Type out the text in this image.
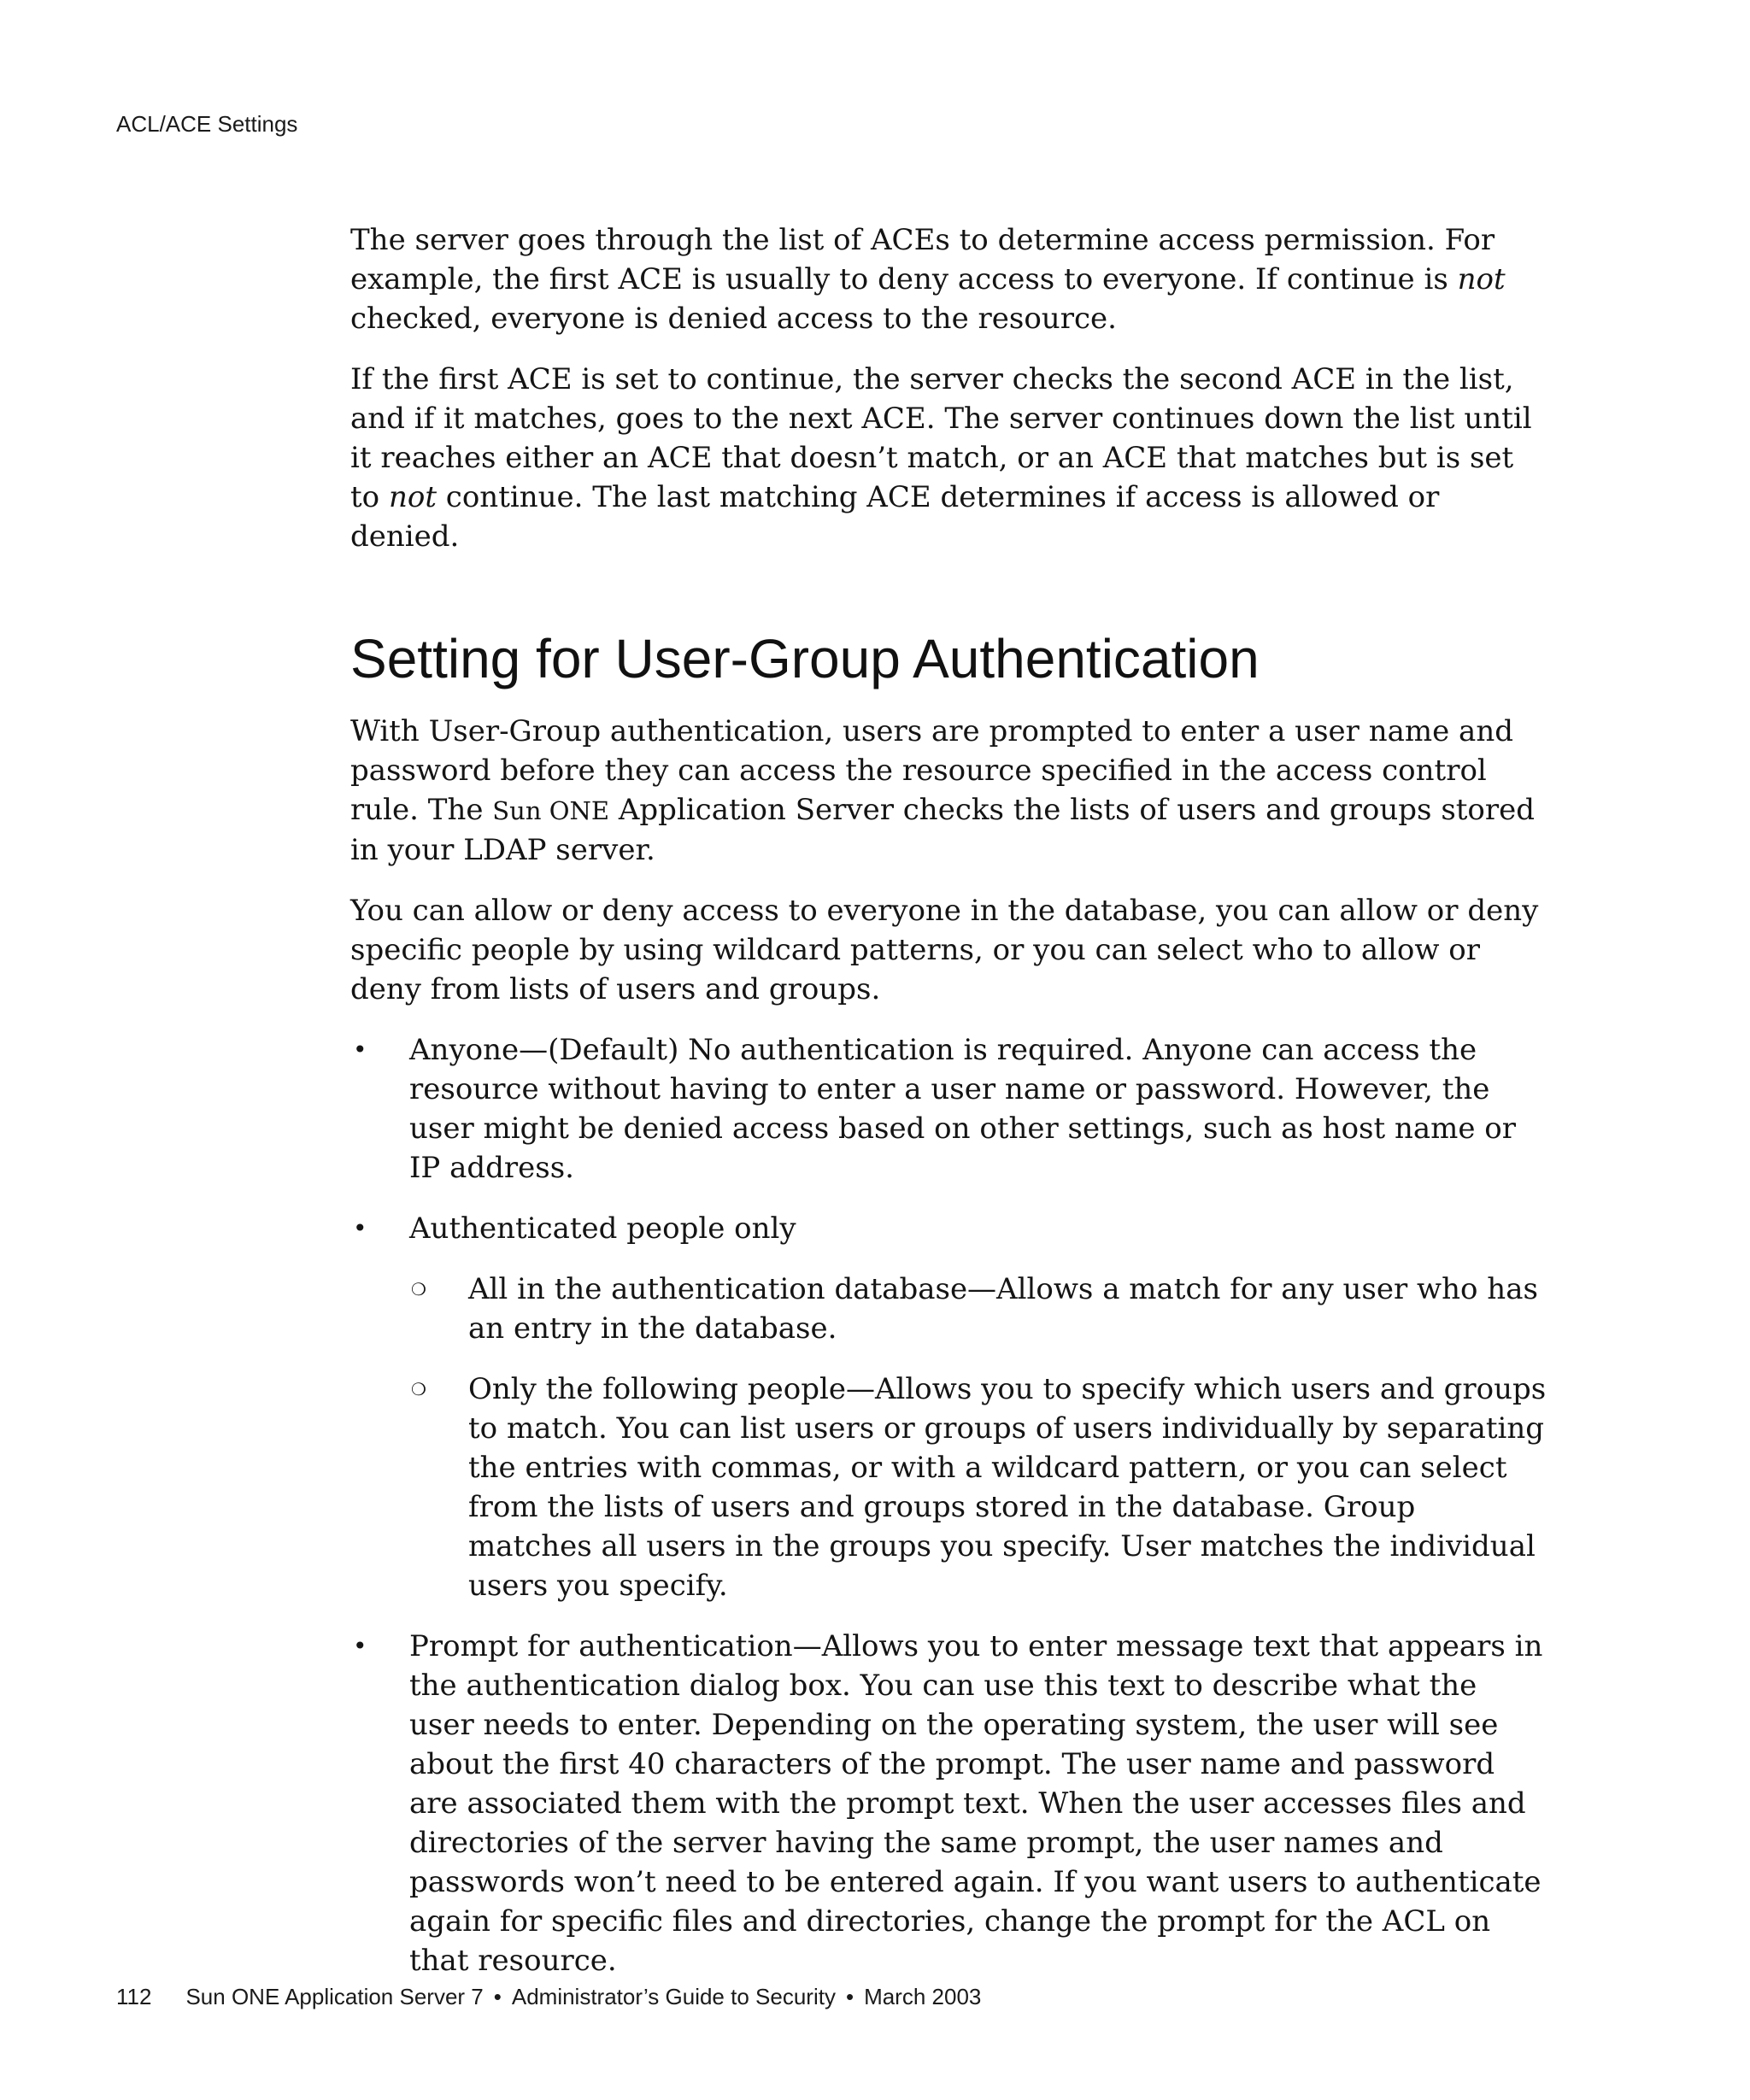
ACL/ACE Settings

The server goes through the list of ACEs to determine access permission. For example, the first ACE is usually to deny access to everyone. If continue is not checked, everyone is denied access to the resource.

If the first ACE is set to continue, the server checks the second ACE in the list, and if it matches, goes to the next ACE. The server continues down the list until it reaches either an ACE that doesn’t match, or an ACE that matches but is set to not continue. The last matching ACE determines if access is allowed or denied.

Setting for User-Group Authentication

With User-Group authentication, users are prompted to enter a user name and password before they can access the resource specified in the access control rule. The Sun ONE Application Server checks the lists of users and groups stored in your LDAP server.

You can allow or deny access to everyone in the database, you can allow or deny specific people by using wildcard patterns, or you can select who to allow or deny from lists of users and groups.

• Anyone—(Default) No authentication is required. Anyone can access the resource without having to enter a user name or password. However, the user might be denied access based on other settings, such as host name or IP address.
• Authenticated people only
❍ All in the authentication database—Allows a match for any user who has an entry in the database.
❍ Only the following people—Allows you to specify which users and groups to match. You can list users or groups of users individually by separating the entries with commas, or with a wildcard pattern, or you can select from the lists of users and groups stored in the database. Group matches all users in the groups you specify. User matches the individual users you specify.
• Prompt for authentication—Allows you to enter message text that appears in the authentication dialog box. You can use this text to describe what the user needs to enter. Depending on the operating system, the user will see about the first 40 characters of the prompt. The user name and password are associated them with the prompt text. When the user accesses files and directories of the server having the same prompt, the user names and passwords won’t need to be entered again. If you want users to authenticate again for specific files and directories, change the prompt for the ACL on that resource.
112 Sun ONE Application Server 7 • Administrator’s Guide to Security • March 2003
